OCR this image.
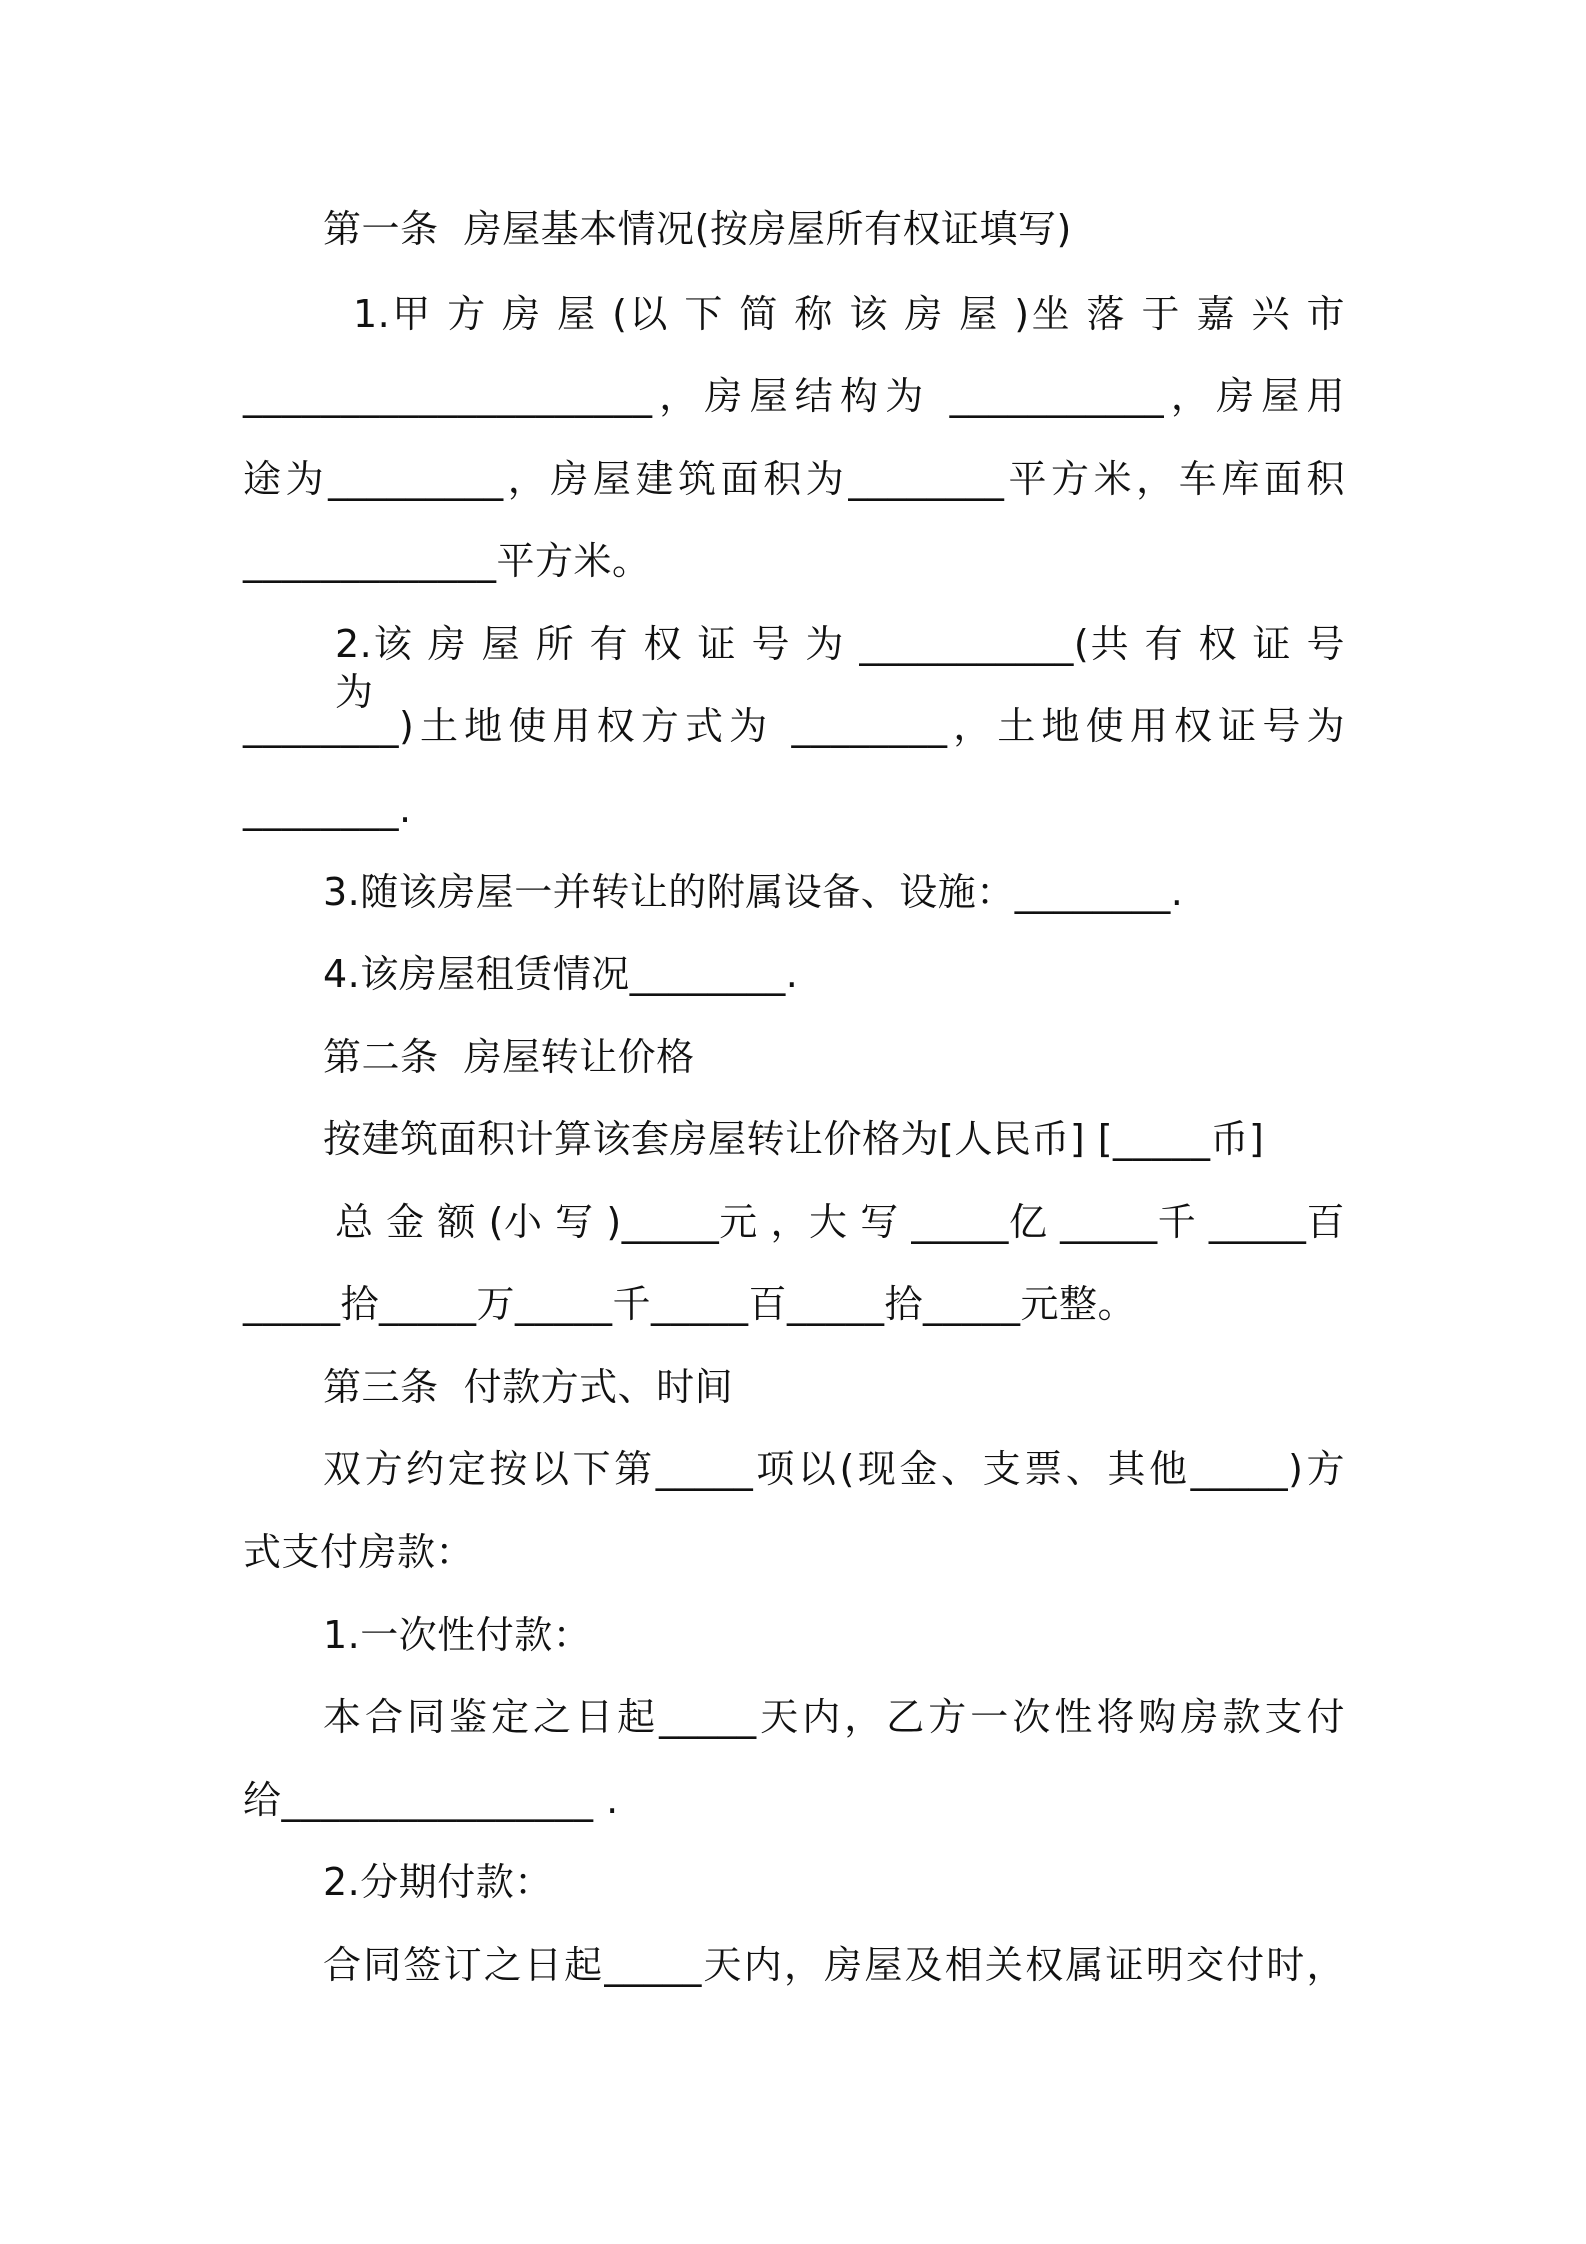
第一条  房屋基本情况(按房屋所有权证填写)
1.甲 方 房 屋 (以 下 简 称 该 房 屋 )坐 落 于 嘉 兴 市
_____________________，房屋结构为 ___________，房屋用
途为_________，房屋建筑面积为________平方米，车库面积
_____________平方米。
2.该 房 屋 所 有 权 证 号 为 ___________(共 有 权 证 号 为
________)土地使用权方式为 ________，土地使用权证号为
________.
3.随该房屋一并转让的附属设备、设施：________.
4.该房屋租赁情况________.
第二条  房屋转让价格
按建筑面积计算该套房屋转让价格为[人民币] [_____币]
总 金 额 (小 写 )_____元 ，大 写 _____亿 _____千 _____百
_____拾_____万_____千_____百_____拾_____元整。
第三条  付款方式、时间
双方约定按以下第_____项以(现金、支票、其他_____)方
式支付房款：
1.一次性付款：
本合同鉴定之日起_____天内，乙方一次性将购房款支付
给________________ .
2.分期付款：
合同签订之日起_____天内，房屋及相关权属证明交付时，
